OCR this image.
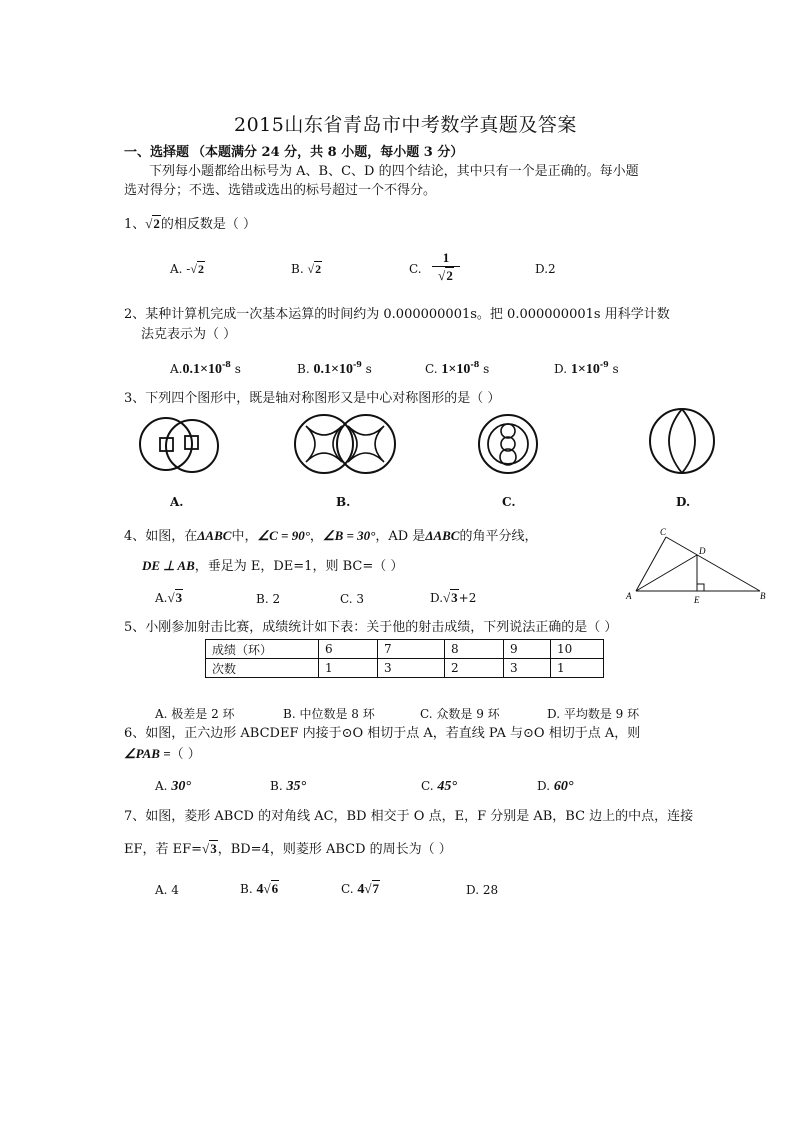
2015山东省青岛市中考数学真题及答案
一、选择题 （本题满分 24 分，共 8 小题，每小题 3 分）
下列每小题都给出标号为 A、B、C、D 的四个结论，其中只有一个是正确的。每小题
选对得分；不选、选错或选出的标号超过一个不得分。
1、√2的相反数是（ ）
A. -√2	B. √2	C. $\frac{1}{√2}$	D.2
2、某种计算机完成一次基本运算的时间约为 0.000000001s。把 0.000000001s 用科学计数
法克表示为（ ）
$A.0.1\times 10^{-8}$ s	B. $0.1\times 10^{-9}$ s	C. $1\times 10^{-8}$ s	D. $1\times 10^{-9}$ s
3、下列四个图形中，既是轴对称图形又是中心对称图形的是（ ）
A.	B.	C.	D.
4、如图，在ΔABC中，∠C = 90°，∠B = 30°，AD 是ΔABC的角平分线，
DE ⊥ AB，垂足为 E，DE=1，则 BC=（ ）
A.√3	B. 2	C. 3	D.√3+2
C
D
A	E	B
5、小刚参加射击比赛，成绩统计如下表：关于他的射击成绩，下列说法正确的是（ ）
成绩（环）	6	7	8	9	10
次数	1	3	2	3	1
A. 极差是 2 环	B. 中位数是 8 环	C. 众数是 9 环	D. 平均数是 9 环
6、如图，正六边形 ABCDEF 内接于⊙O 相切于点 A，若直线 PA 与⊙O 相切于点 A，则
∠PAB =（ ）
A. 30°	B. 35°	C. 45°	D. 60°
7、如图，菱形 ABCD 的对角线 AC，BD 相交于 O 点，E，F 分别是 AB，BC 边上的中点，连接
EF，若 EF=√3，BD=4，则菱形 ABCD 的周长为（ ）
A. 4	B. 4√6	C. 4√7	D. 28
